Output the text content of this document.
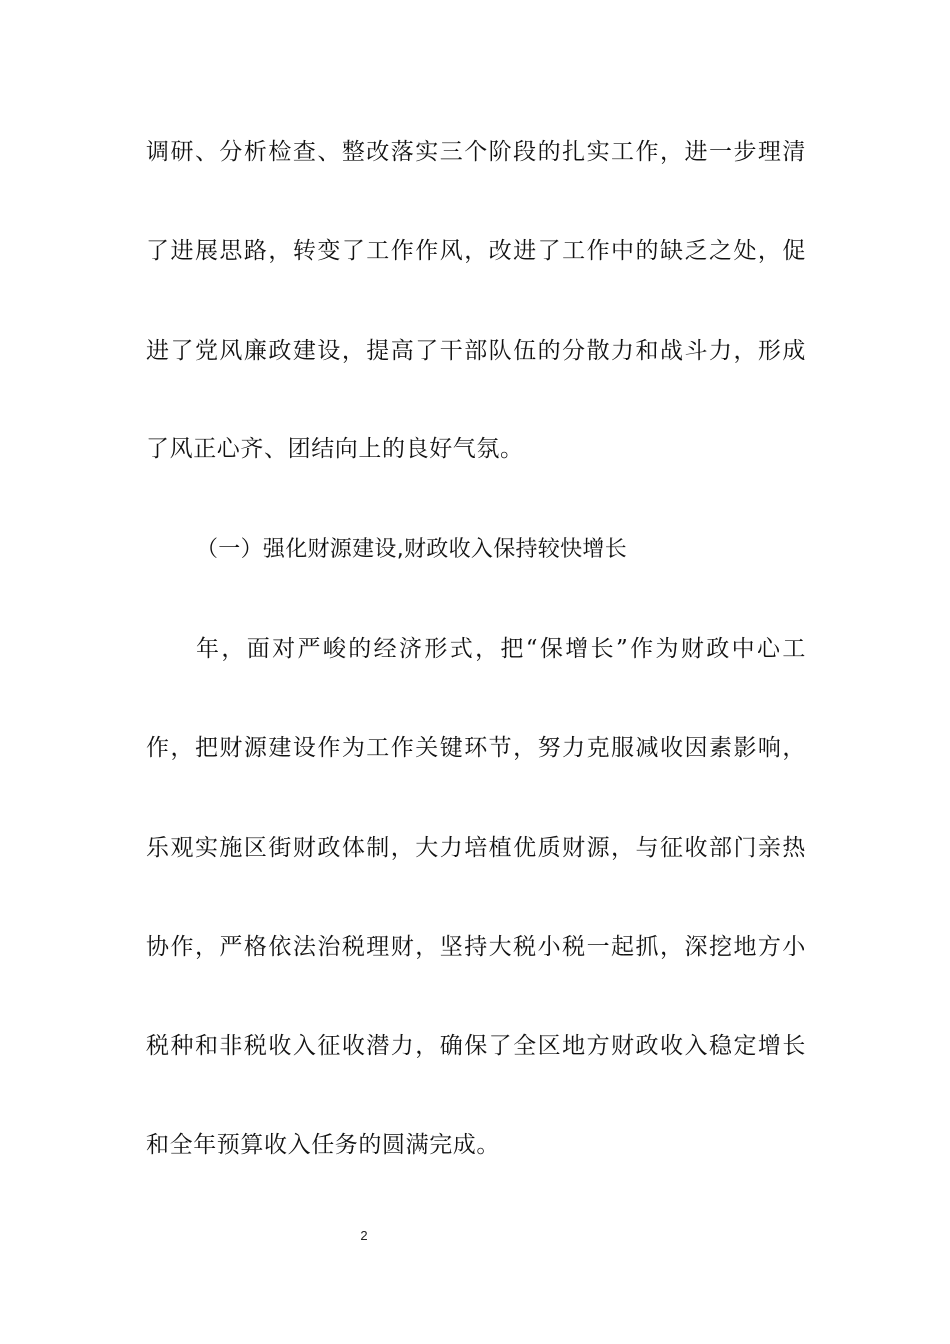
调研、分析检查、整改落实三个阶段的扎实工作，进一步理清
了进展思路，转变了工作作风，改进了工作中的缺乏之处，促
进了党风廉政建设，提高了干部队伍的分散力和战斗力，形成
了风正心齐、团结向上的良好气氛。
（一）强化财源建设,财政收入保持较快增长
年，面对严峻的经济形式，把“保增长”作为财政中心工
作，把财源建设作为工作关键环节，努力克服减收因素影响，
乐观实施区街财政体制，大力培植优质财源，与征收部门亲热
协作，严格依法治税理财，坚持大税小税一起抓，深挖地方小
税种和非税收入征收潜力，确保了全区地方财政收入稳定增长
和全年预算收入任务的圆满完成。
2
